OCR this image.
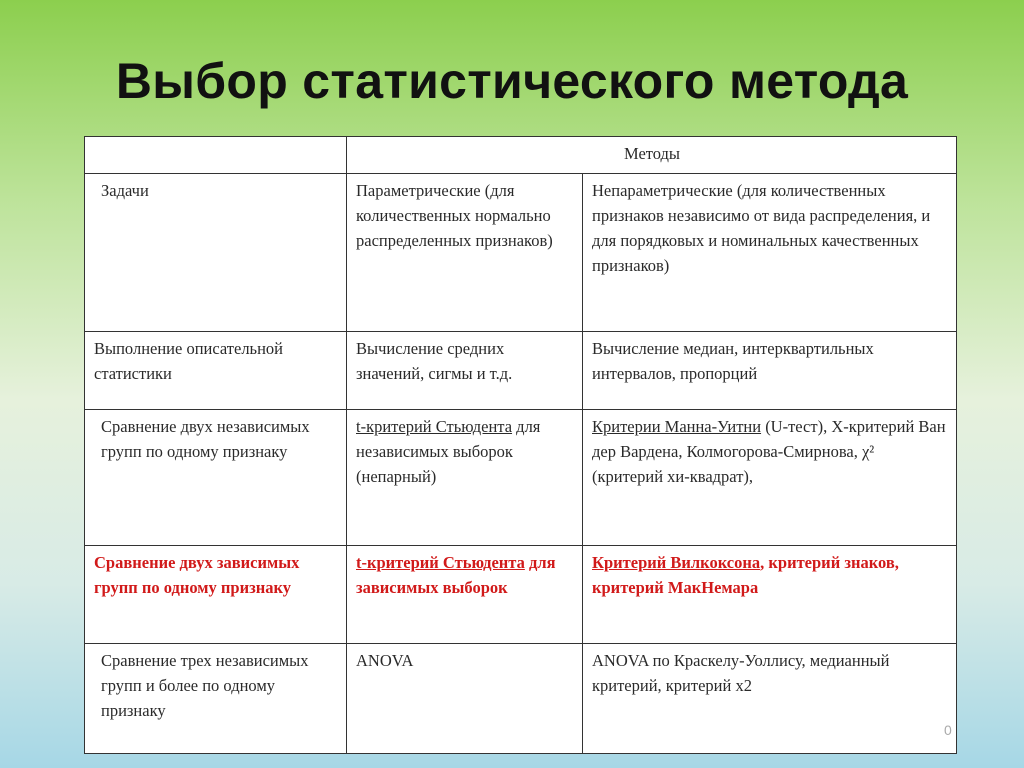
Выбор статистического метода
	Методы	
Задачи	Параметрические (для количественных нормально распределенных признаков)	Непараметрические (для количественных признаков независимо от вида распределения, и для порядковых и номинальных качественных признаков)
Выполнение описательной статистики	Вычисление средних значений, сигмы и т.д.	Вычисление медиан, интерквартильных интервалов, пропорций
Сравнение двух независимых групп по одному признаку	t-критерий Стьюдента для независимых выборок (непарный)	Критерии Манна-Уитни (U-тест), X-критерий Ван дер Вардена, Колмогорова-Смирнова, χ² (критерий хи-квадрат),
Сравнение двух зависимых групп по одному признаку	t-критерий Стьюдента для зависимых выборок	Критерий Вилкоксона, критерий знаков, критерий МакНемара
Сравнение трех независимых групп и более по одному признаку	ANOVA	ANOVA по Краскелу-Уоллису, медианный критерий, критерий х2
0
